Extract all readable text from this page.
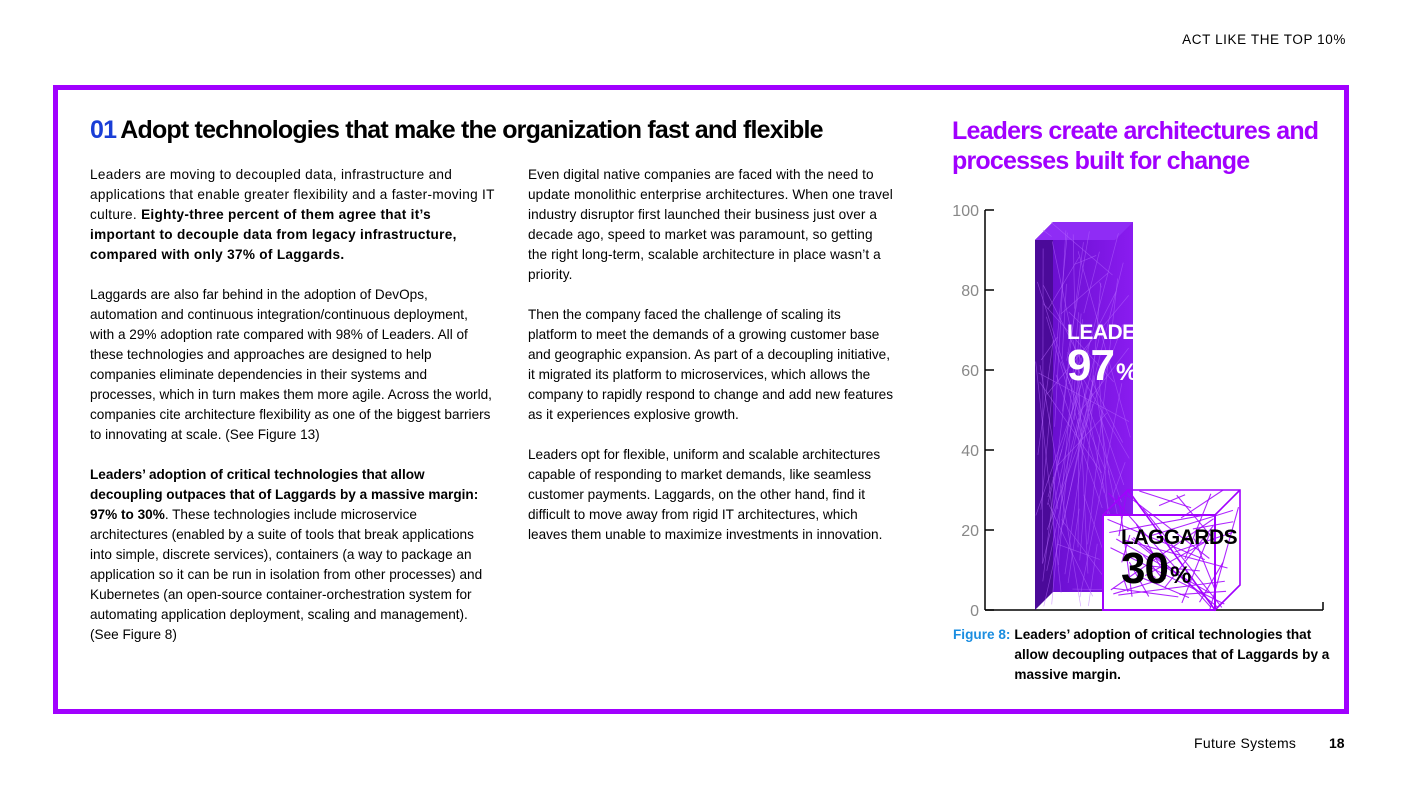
ACT LIKE THE TOP 10%
01 Adopt technologies that make the organization fast and flexible

Leaders are moving to decoupled data, infrastructure and applications that enable greater flexibility and a faster-moving IT culture. Eighty-three percent of them agree that it’s important to decouple data from legacy infrastructure, compared with only 37% of Laggards.

Laggards are also far behind in the adoption of DevOps, automation and continuous integration/continuous deployment, with a 29% adoption rate compared with 98% of Leaders. All of these technologies and approaches are designed to help companies eliminate dependencies in their systems and processes, which in turn makes them more agile. Across the world, companies cite architecture flexibility as one of the biggest barriers to innovating at scale. (See Figure 13)

Leaders’ adoption of critical technologies that allow decoupling outpaces that of Laggards by a massive margin: 97% to 30%. These technologies include microservice architectures (enabled by a suite of tools that break applications into simple, discrete services), containers (a way to package an application so it can be run in isolation from other processes) and Kubernetes (an open-source container-orchestration system for automating application deployment, scaling and management). (See Figure 8)

Even digital native companies are faced with the need to update monolithic enterprise architectures. When one travel industry disruptor first launched their business just over a decade ago, speed to market was paramount, so getting the right long-term, scalable architecture in place wasn’t a priority.

Then the company faced the challenge of scaling its platform to meet the demands of a growing customer base and geographic expansion. As part of a decoupling initiative, it migrated its platform to microservices, which allows the company to rapidly respond to change and add new features as it experiences explosive growth.

Leaders opt for flexible, uniform and scalable architectures capable of responding to market demands, like seamless customer payments. Laggards, on the other hand, find it difficult to move away from rigid IT architectures, which leaves them unable to maximize investments in innovation.

Leaders create architectures and processes built for change
0
20
40
60
80
100
LEADERS
97 %
LAGGARDS
30 %
Figure 8: Leaders’ adoption of critical technologies that allow decoupling outpaces that of Laggards by a massive margin.
Future Systems 18
